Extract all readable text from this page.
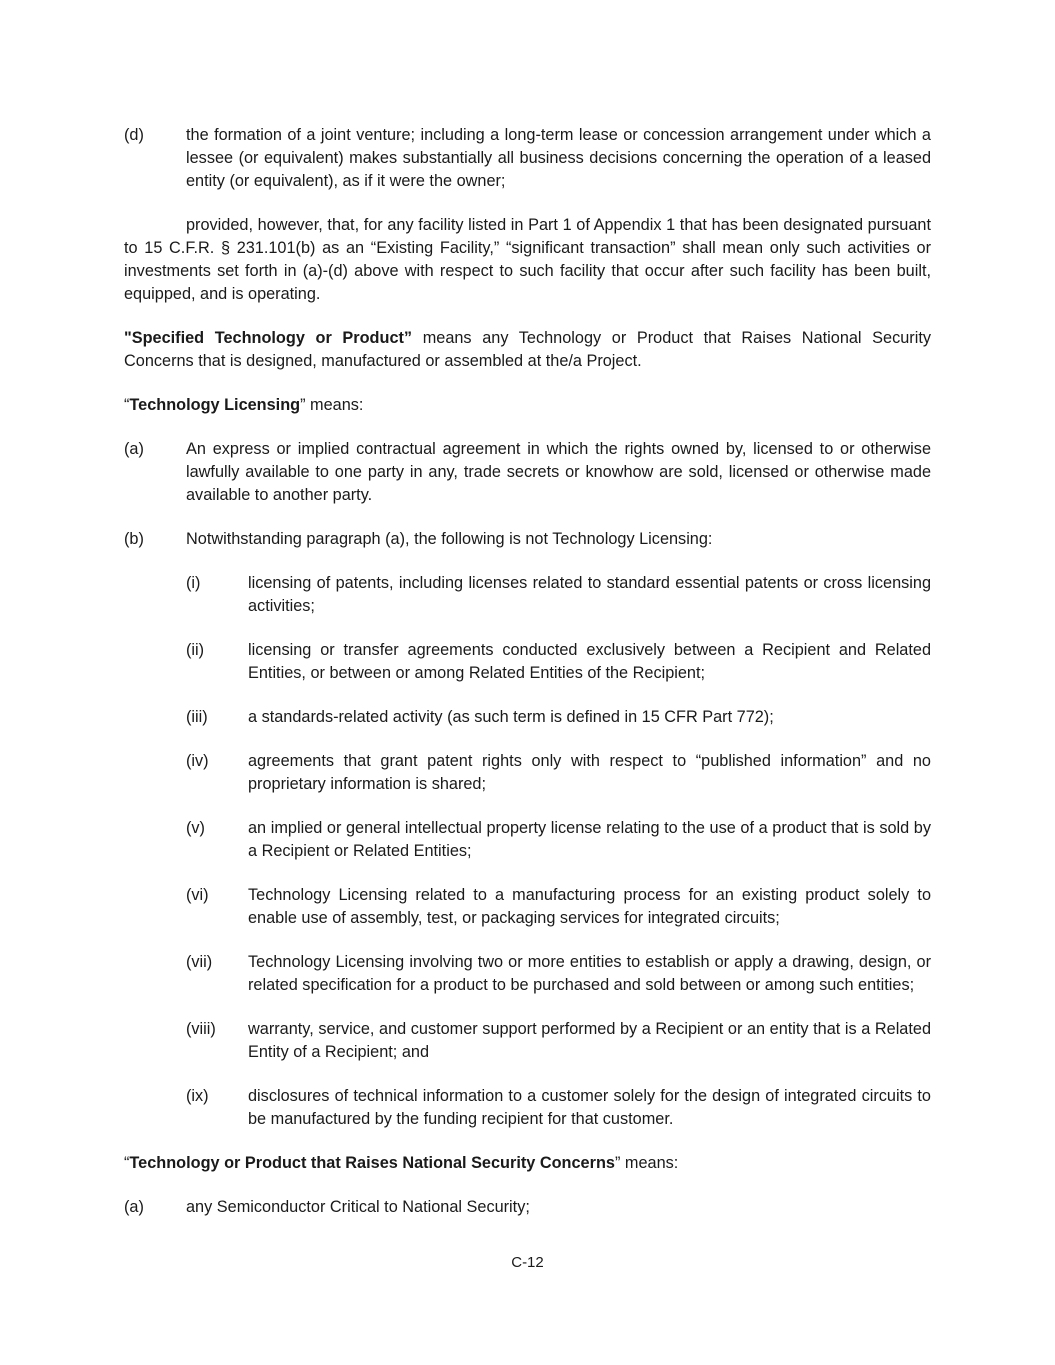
(d)	the formation of a joint venture; including a long-term lease or concession arrangement under which a lessee (or equivalent) makes substantially all business decisions concerning the operation of a leased entity (or equivalent), as if it were the owner;

provided, however, that, for any facility listed in Part 1 of Appendix 1 that has been designated pursuant to 15 C.F.R. § 231.101(b) as an “Existing Facility,” “significant transaction” shall mean only such activities or investments set forth in (a)-(d) above with respect to such facility that occur after such facility has been built, equipped, and is operating.

"Specified Technology or Product” means any Technology or Product that Raises National Security Concerns that is designed, manufactured or assembled at the/a Project.

“Technology Licensing” means:

(a)	An express or implied contractual agreement in which the rights owned by, licensed to or otherwise lawfully available to one party in any, trade secrets or knowhow are sold, licensed or otherwise made available to another party.
(b)	Notwithstanding paragraph (a), the following is not Technology Licensing:
(i)	licensing of patents, including licenses related to standard essential patents or cross licensing activities;
(ii)	licensing or transfer agreements conducted exclusively between a Recipient and Related Entities, or between or among Related Entities of the Recipient;
(iii)	a standards-related activity (as such term is defined in 15 CFR Part 772);
(iv)	agreements that grant patent rights only with respect to “published information” and no proprietary information is shared;
(v)	an implied or general intellectual property license relating to the use of a product that is sold by a Recipient or Related Entities;
(vi)	Technology Licensing related to a manufacturing process for an existing product solely to enable use of assembly, test, or packaging services for integrated circuits;
(vii)	Technology Licensing involving two or more entities to establish or apply a drawing, design, or related specification for a product to be purchased and sold between or among such entities;
(viii)	warranty, service, and customer support performed by a Recipient or an entity that is a Related Entity of a Recipient; and
(ix)	disclosures of technical information to a customer solely for the design of integrated circuits to be manufactured by the funding recipient for that customer.

“Technology or Product that Raises National Security Concerns” means:

(a)	any Semiconductor Critical to National Security;
C-12
